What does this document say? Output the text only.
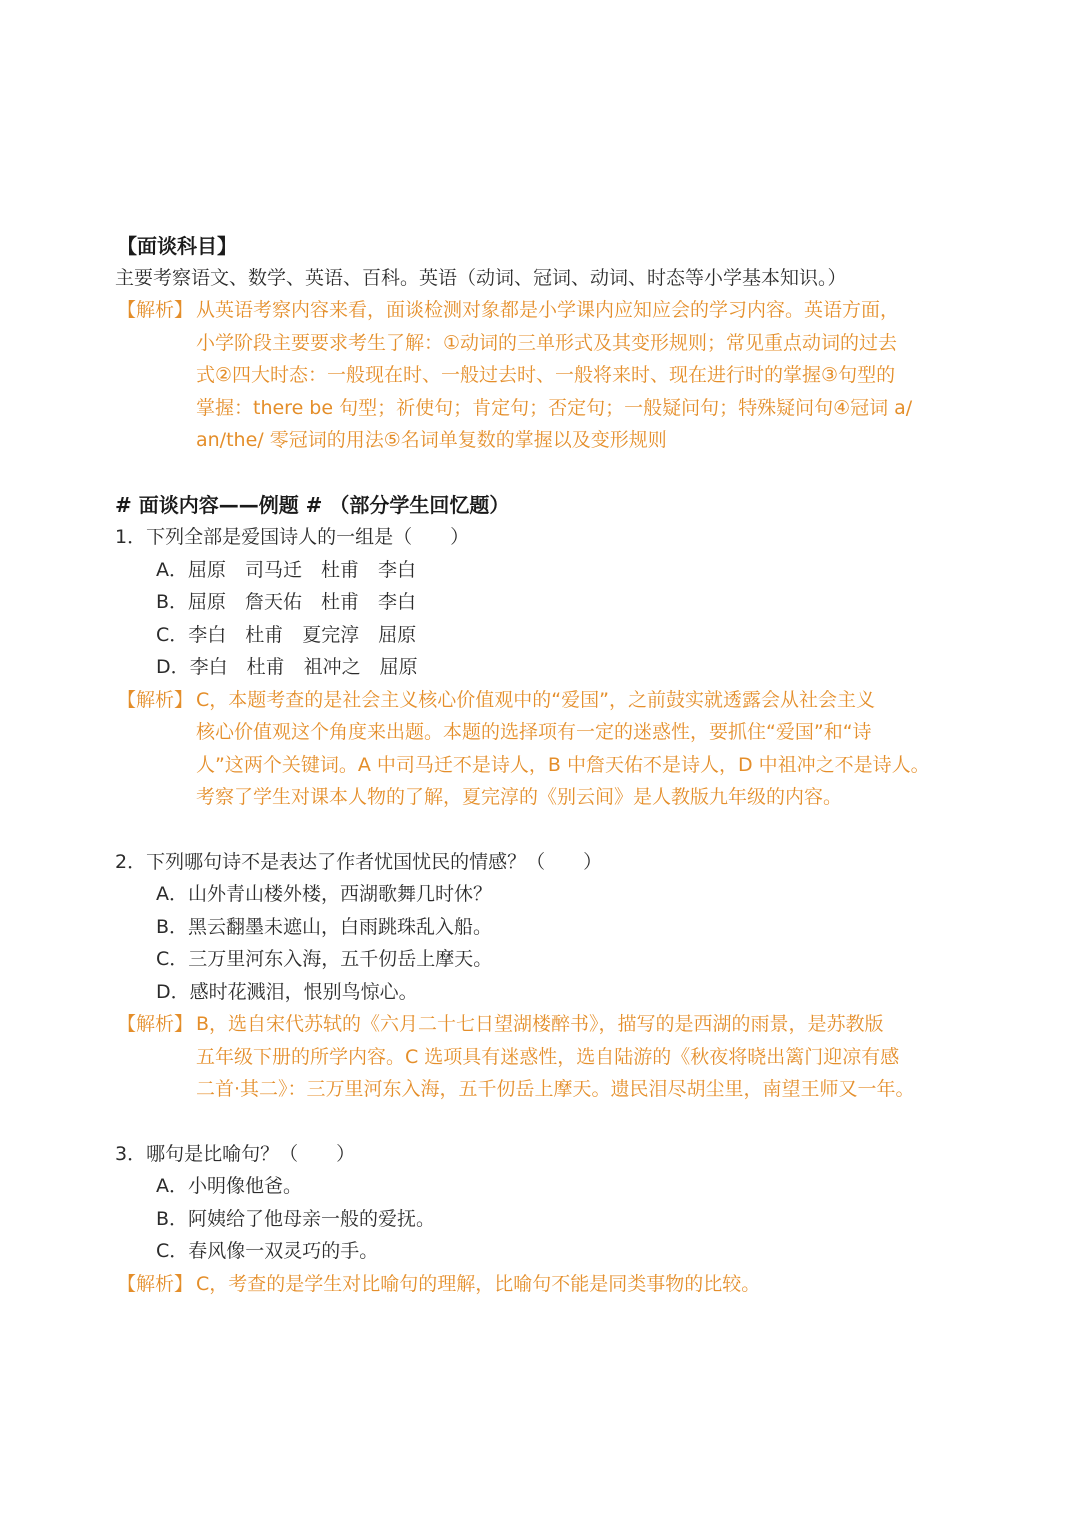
【面谈科目】
主要考察语文、数学、英语、百科。英语（动词、冠词、动词、时态等小学基本知识。）
【解析】 从英语考察内容来看，面谈检测对象都是小学课内应知应会的学习内容。英语方面，
小学阶段主要要求考生了解：①动词的三单形式及其变形规则；常见重点动词的过去
式②四大时态：一般现在时、一般过去时、一般将来时、现在进行时的掌握③句型的
掌握：there be 句型；祈使句；肯定句；否定句；一般疑问句；特殊疑问句④冠词 a/
an/the/ 零冠词的用法⑤名词单复数的掌握以及变形规则
# 面谈内容——例题 # （部分学生回忆题）
1．下列全部是爱国诗人的一组是（　　）
A．屈原　司马迁　杜甫　李白
B．屈原　詹天佑　杜甫　李白
C．李白　杜甫　夏完淳　屈原
D．李白　杜甫　祖冲之　屈原
【解析】 C，本题考查的是社会主义核心价值观中的“爱国”，之前鼓实就透露会从社会主义
核心价值观这个角度来出题。本题的选择项有一定的迷惑性，要抓住“爱国”和“诗
人”这两个关键词。A 中司马迁不是诗人，B 中詹天佑不是诗人，D 中祖冲之不是诗人。
考察了学生对课本人物的了解，夏完淳的《别云间》是人教版九年级的内容。
2．下列哪句诗不是表达了作者忧国忧民的情感？（　　）
A．山外青山楼外楼，西湖歌舞几时休？
B．黑云翻墨未遮山，白雨跳珠乱入船。
C．三万里河东入海，五千仞岳上摩天。
D．感时花溅泪，恨别鸟惊心。
【解析】 B，选自宋代苏轼的《六月二十七日望湖楼醉书》，描写的是西湖的雨景，是苏教版
五年级下册的所学内容。C 选项具有迷惑性，选自陆游的《秋夜将晓出篱门迎凉有感
二首·其二》：三万里河东入海，五千仞岳上摩天。遗民泪尽胡尘里，南望王师又一年。
3．哪句是比喻句？（　　）
A．小明像他爸。
B．阿姨给了他母亲一般的爱抚。
C．春风像一双灵巧的手。
【解析】 C，考查的是学生对比喻句的理解，比喻句不能是同类事物的比较。
